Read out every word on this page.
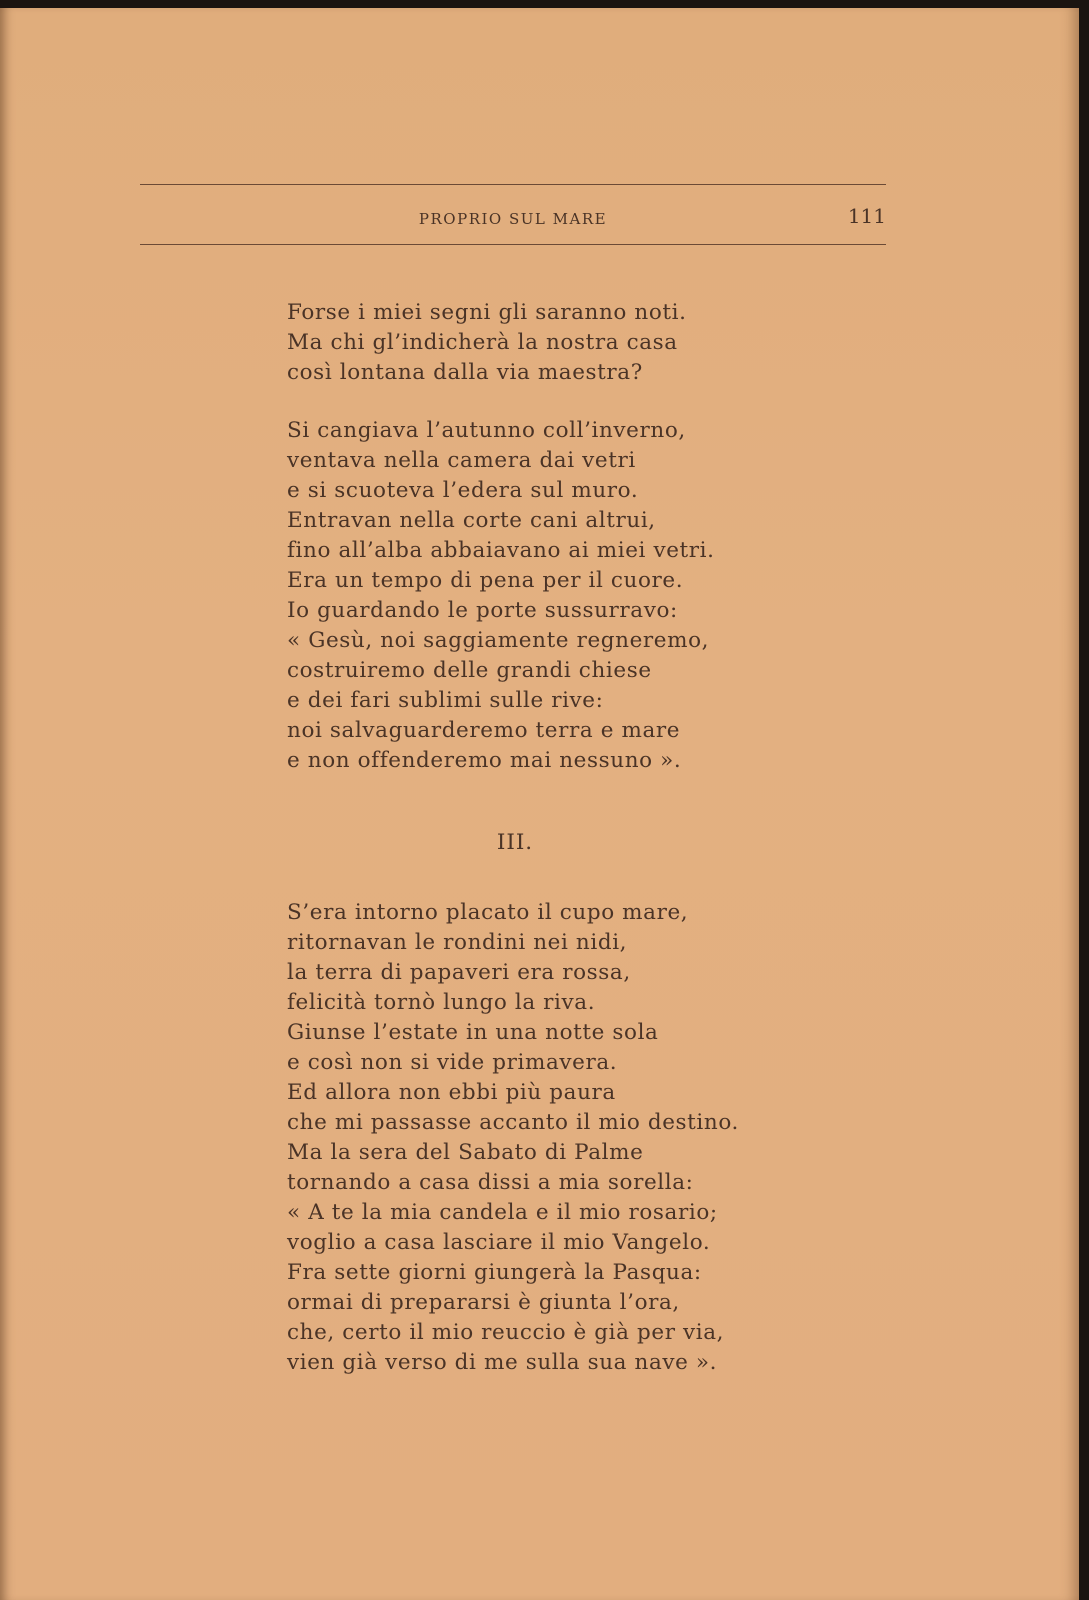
PROPRIO SUL MARE	111
Forse i miei segni gli saranno noti.
Ma chi gl’indicherà la nostra casa
così lontana dalla via maestra?
Si cangiava l’autunno coll’inverno,
ventava nella camera dai vetri
e si scuoteva l’edera sul muro.
Entravan nella corte cani altrui,
fino all’alba abbaiavano ai miei vetri.
Era un tempo di pena per il cuore.
Io guardando le porte sussurravo:
« Gesù, noi saggiamente regneremo,
costruiremo delle grandi chiese
e dei fari sublimi sulle rive:
noi salvaguarderemo terra e mare
e non offenderemo mai nessuno ».
III.
S’era intorno placato il cupo mare,
ritornavan le rondini nei nidi,
la terra di papaveri era rossa,
felicità tornò lungo la riva.
Giunse l’estate in una notte sola
e così non si vide primavera.
Ed allora non ebbi più paura
che mi passasse accanto il mio destino.
Ma la sera del Sabato di Palme
tornando a casa dissi a mia sorella:
« A te la mia candela e il mio rosario;
voglio a casa lasciare il mio Vangelo.
Fra sette giorni giungerà la Pasqua:
ormai di prepararsi è giunta l’ora,
che, certo il mio reuccio è già per via,
vien già verso di me sulla sua nave ».
